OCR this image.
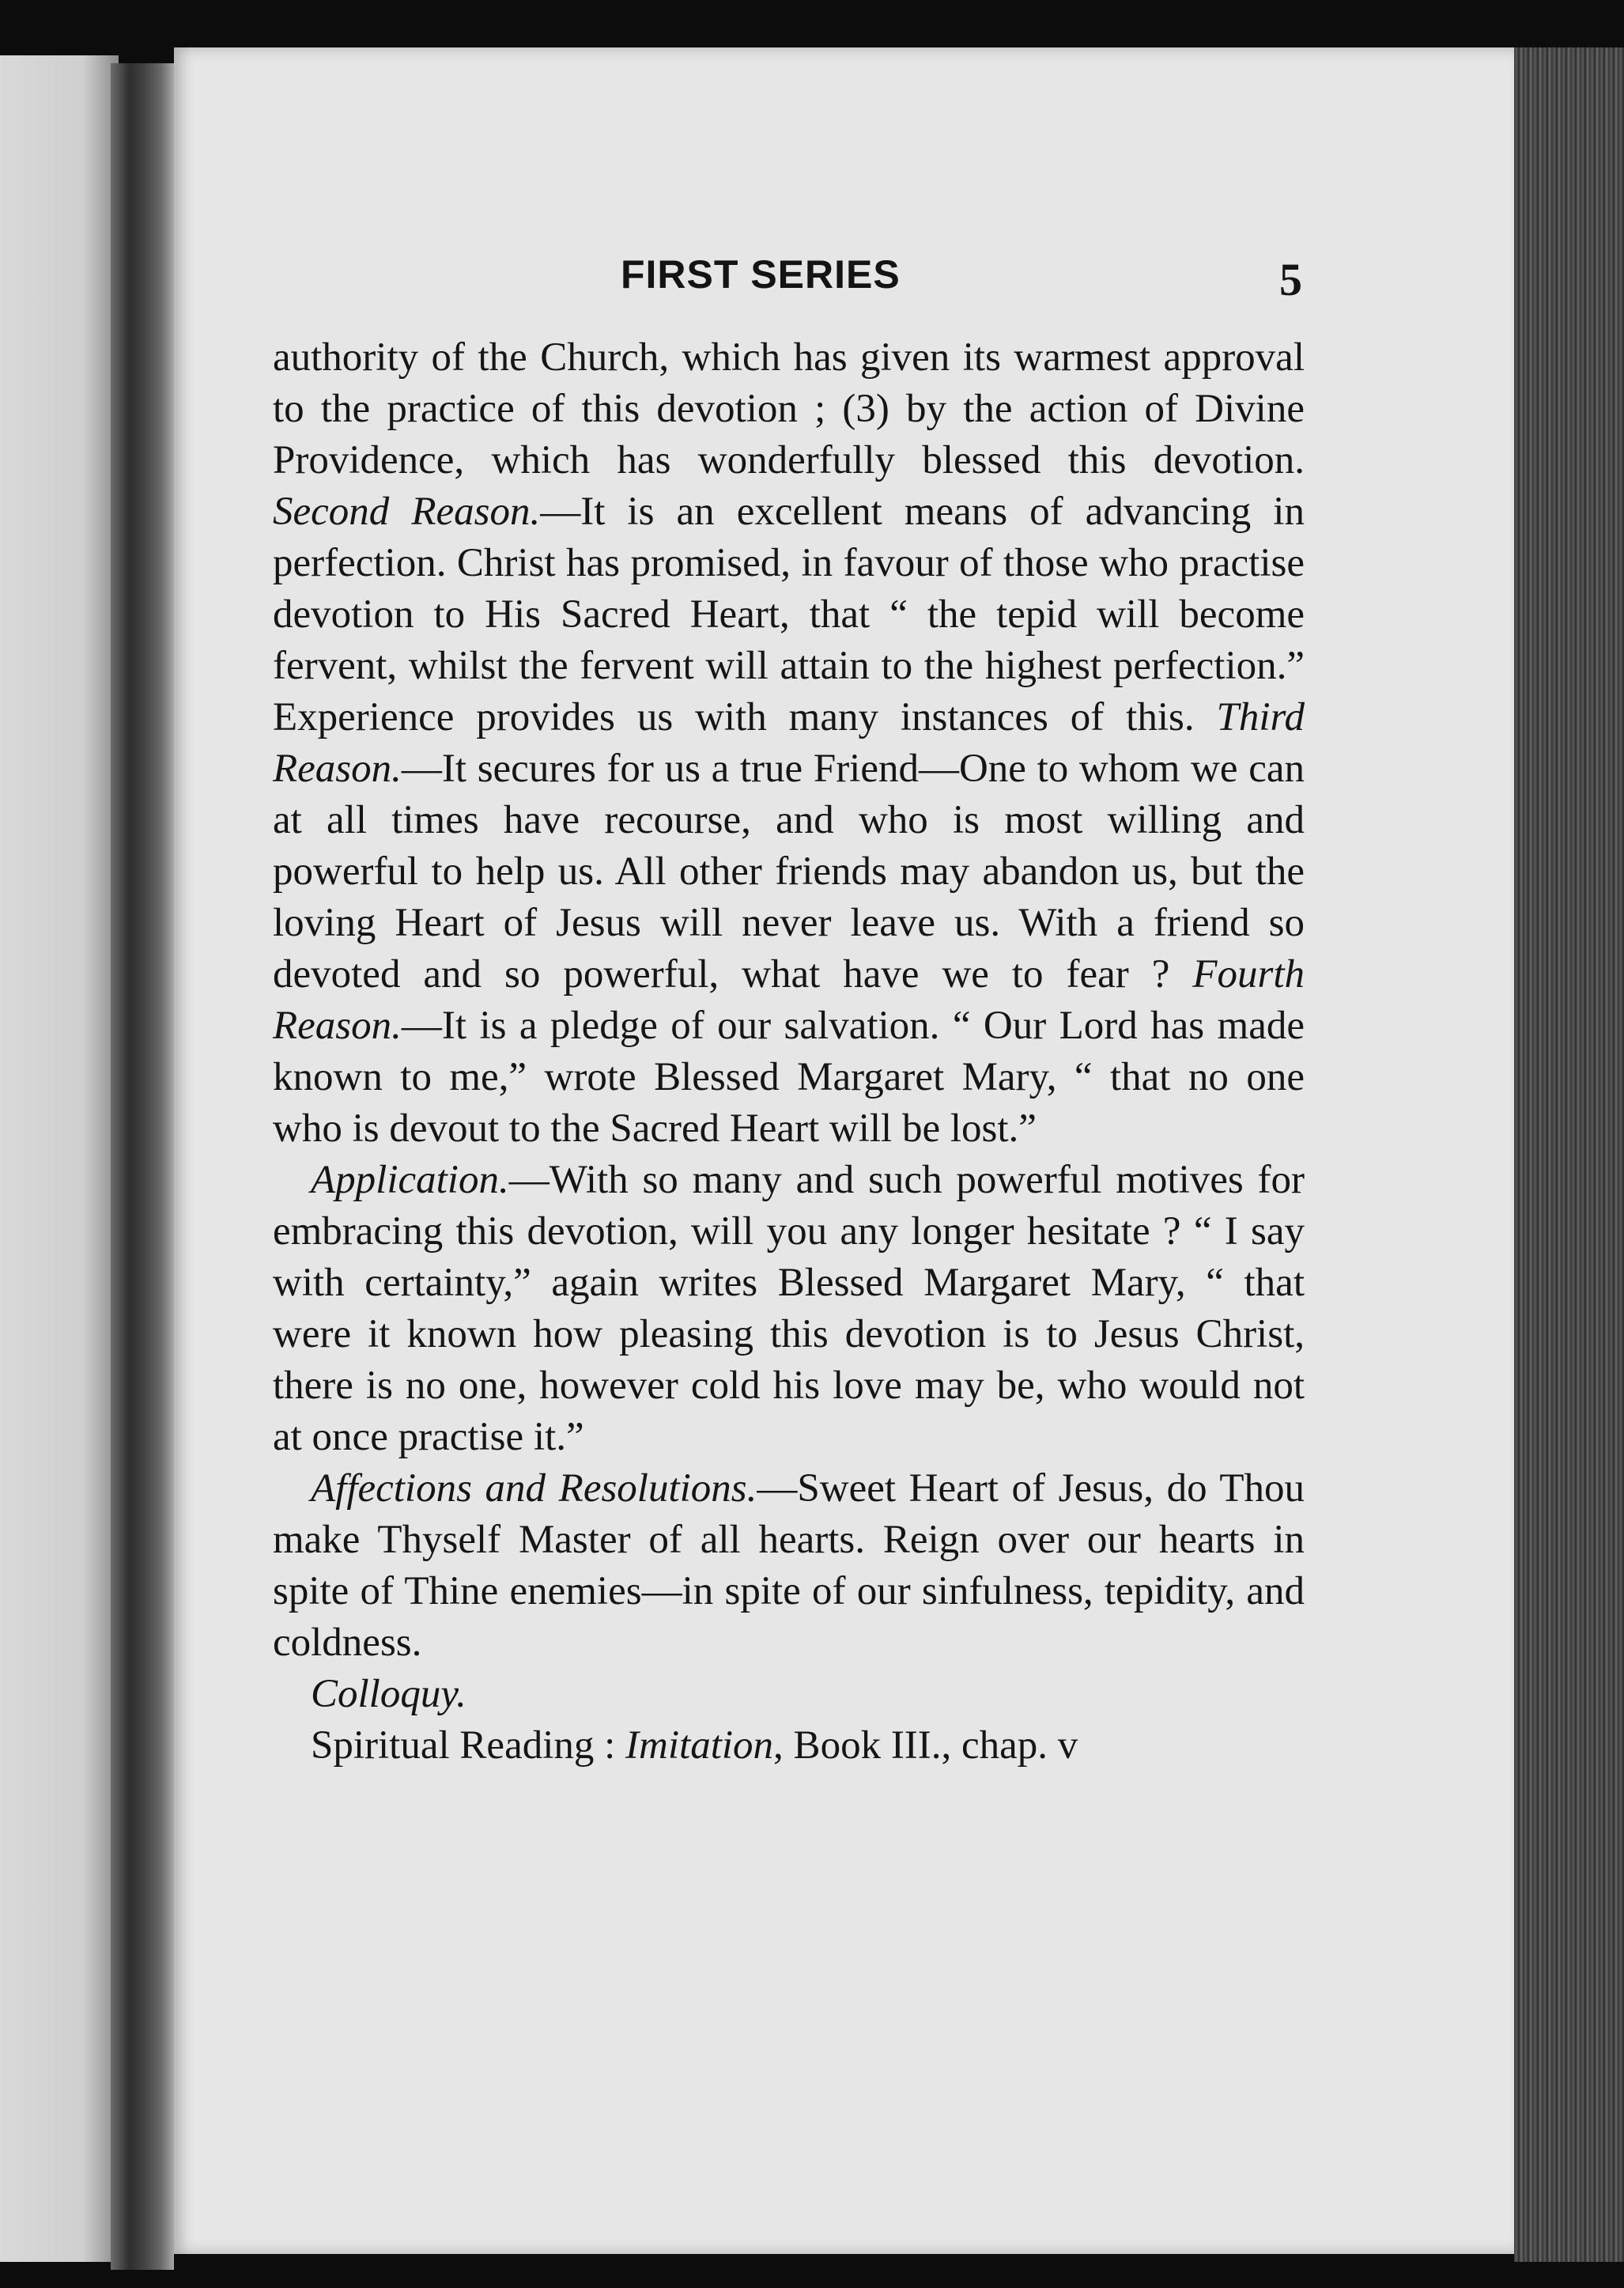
FIRST SERIES	5

authority of the Church, which has given its warmest approval to the practice of this devotion ; (3) by the action of Divine Providence, which has wonderfully blessed this devotion. Second Reason.—It is an excellent means of advancing in perfection. Christ has promised, in favour of those who practise devotion to His Sacred Heart, that “ the tepid will become fervent, whilst the fervent will attain to the highest perfection.” Experience provides us with many instances of this. Third Reason.—It secures for us a true Friend—One to whom we can at all times have recourse, and who is most willing and powerful to help us. All other friends may abandon us, but the loving Heart of Jesus will never leave us. With a friend so devoted and so powerful, what have we to fear ? Fourth Reason.—It is a pledge of our salvation. “ Our Lord has made known to me,” wrote Blessed Margaret Mary, “ that no one who is devout to the Sacred Heart will be lost.”

Application.—With so many and such powerful motives for embracing this devotion, will you any longer hesitate ? “ I say with certainty,” again writes Blessed Margaret Mary, “ that were it known how pleasing this devotion is to Jesus Christ, there is no one, however cold his love may be, who would not at once practise it.”

Affections and Resolutions.—Sweet Heart of Jesus, do Thou make Thyself Master of all hearts. Reign over our hearts in spite of Thine enemies—in spite of our sinfulness, tepidity, and coldness.

Colloquy.

Spiritual Reading : Imitation, Book III., chap. v
